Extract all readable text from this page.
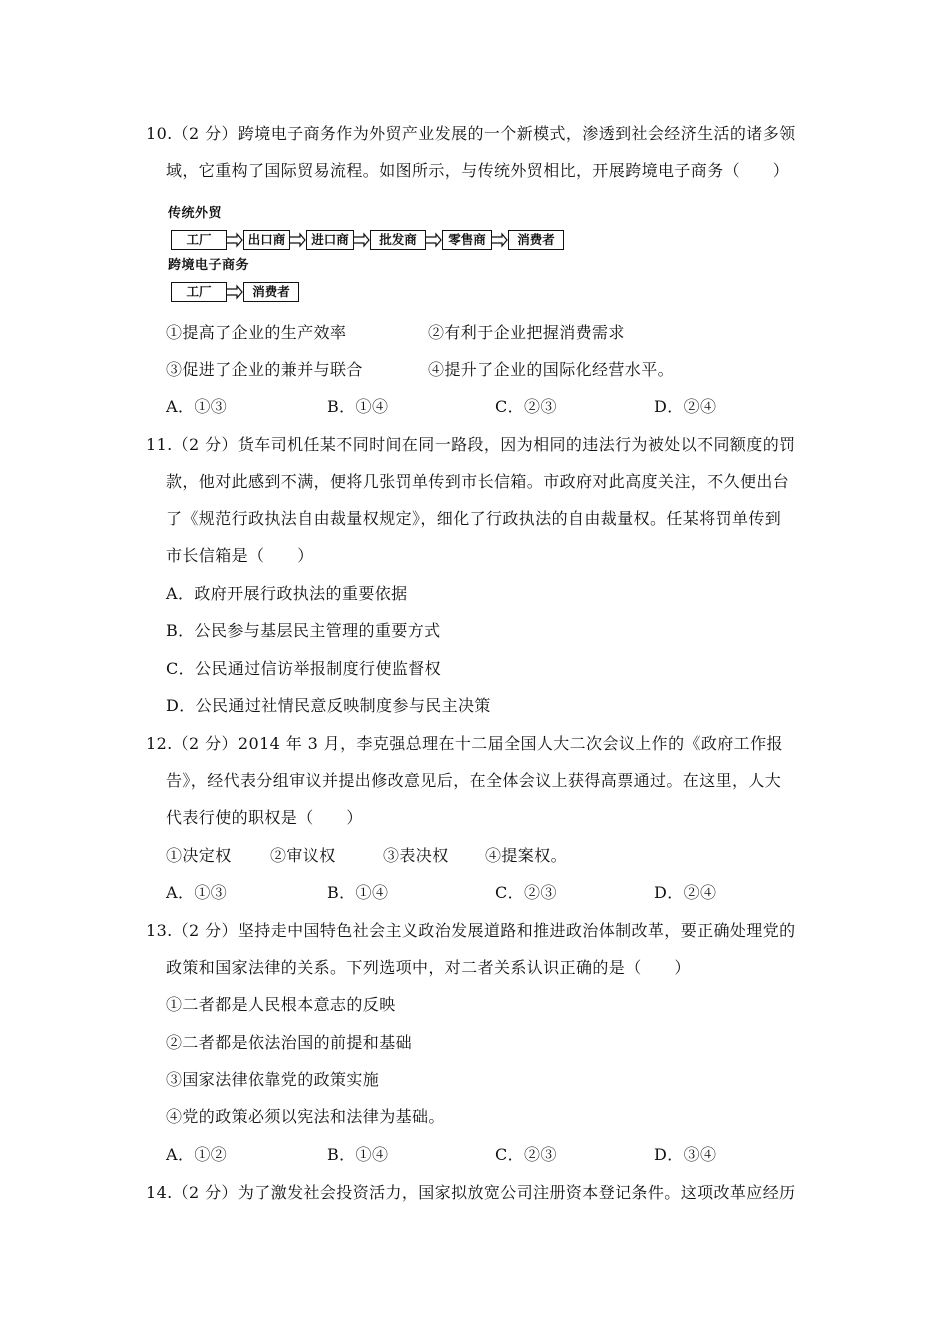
10.（2 分）跨境电子商务作为外贸产业发展的一个新模式，渗透到社会经济生活的诸多领
域，它重构了国际贸易流程。如图所示，与传统外贸相比，开展跨境电子商务（　　）
传统外贸
工厂	出口商	进口商	批发商	零售商	消费者
跨境电子商务
工厂	消费者
①提高了企业的生产效率	②有利于企业把握消费需求
③促进了企业的兼并与联合	④提升了企业的国际化经营水平。
A．①③	B．①④	C．②③	D．②④
11.（2 分）货车司机任某不同时间在同一路段，因为相同的违法行为被处以不同额度的罚
款，他对此感到不满，便将几张罚单传到市长信箱。市政府对此高度关注，不久便出台
了《规范行政执法自由裁量权规定》，细化了行政执法的自由裁量权。任某将罚单传到
市长信箱是（　　）
A．政府开展行政执法的重要依据
B．公民参与基层民主管理的重要方式
C．公民通过信访举报制度行使监督权
D．公民通过社情民意反映制度参与民主决策
12.（2 分）2014 年 3 月，李克强总理在十二届全国人大二次会议上作的《政府工作报
告》，经代表分组审议并提出修改意见后，在全体会议上获得高票通过。在这里，人大
代表行使的职权是（　　）
①决定权 ②审议权	③表决权 ④提案权。
A．①③	B．①④	C．②③	D．②④
13.（2 分）坚持走中国特色社会主义政治发展道路和推进政治体制改革，要正确处理党的
政策和国家法律的关系。下列选项中，对二者关系认识正确的是（　　）
①二者都是人民根本意志的反映
②二者都是依法治国的前提和基础
③国家法律依靠党的政策实施
④党的政策必须以宪法和法律为基础。
A．①②	B．①④	C．②③	D．③④
14.（2 分）为了激发社会投资活力，国家拟放宽公司注册资本登记条件。这项改革应经历
